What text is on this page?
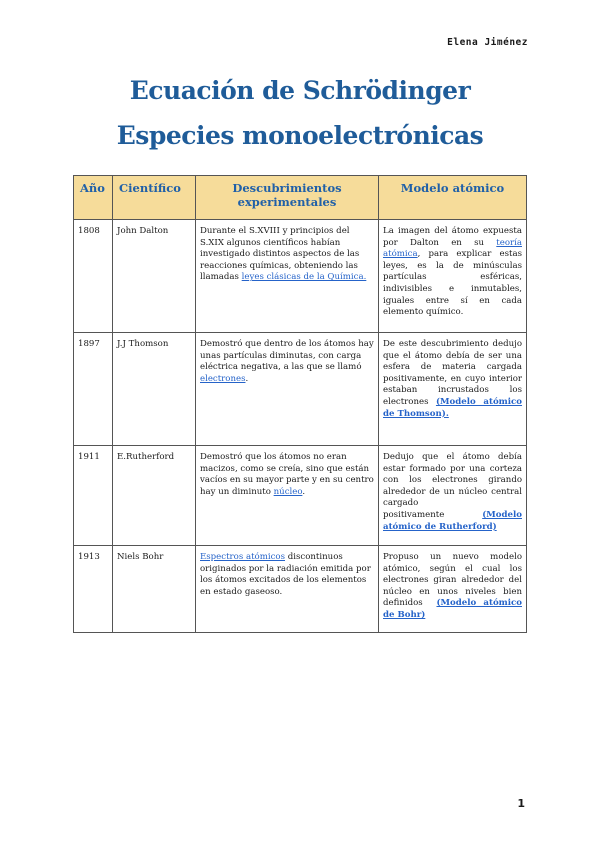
Elena Jiménez
Ecuación de Schrödinger
Especies monoelectrónicas
Año	Científico	Descubrimientos experimentales	Modelo atómico
1808	John Dalton	Durante el S.XVIII y principios del S.XIX algunos científicos habían investigado distintos aspectos de las reacciones químicas, obteniendo las llamadas leyes clásicas de la Química.	La imagen del átomo expuesta por Dalton en su teoría atómica, para explicar estas leyes, es la de minúsculas partículas esféricas, indivisibles e inmutables, iguales entre sí en cada elemento químico.
1897	J.J Thomson	Demostró que dentro de los átomos hay unas partículas diminutas, con carga eléctrica negativa, a las que se llamó electrones.	De este descubrimiento dedujo que el átomo debía de ser una esfera de materia cargada positivamente, en cuyo interior estaban incrustados los electrones (Modelo atómico de Thomson).
1911	E.Rutherford	Demostró que los átomos no eran macizos, como se creía, sino que están vacíos en su mayor parte y en su centro hay un diminuto núcleo.	Dedujo que el átomo debía estar formado por una corteza con los electrones girando alrededor de un núcleo central cargado positivamente (Modelo atómico de Rutherford)
1913	Niels Bohr	Espectros atómicos discontinuos originados por la radiación emitida por los átomos excitados de los elementos en estado gaseoso.	Propuso un nuevo modelo atómico, según el cual los electrones giran alrededor del núcleo en unos niveles bien definidos (Modelo atómico de Bohr)
1
